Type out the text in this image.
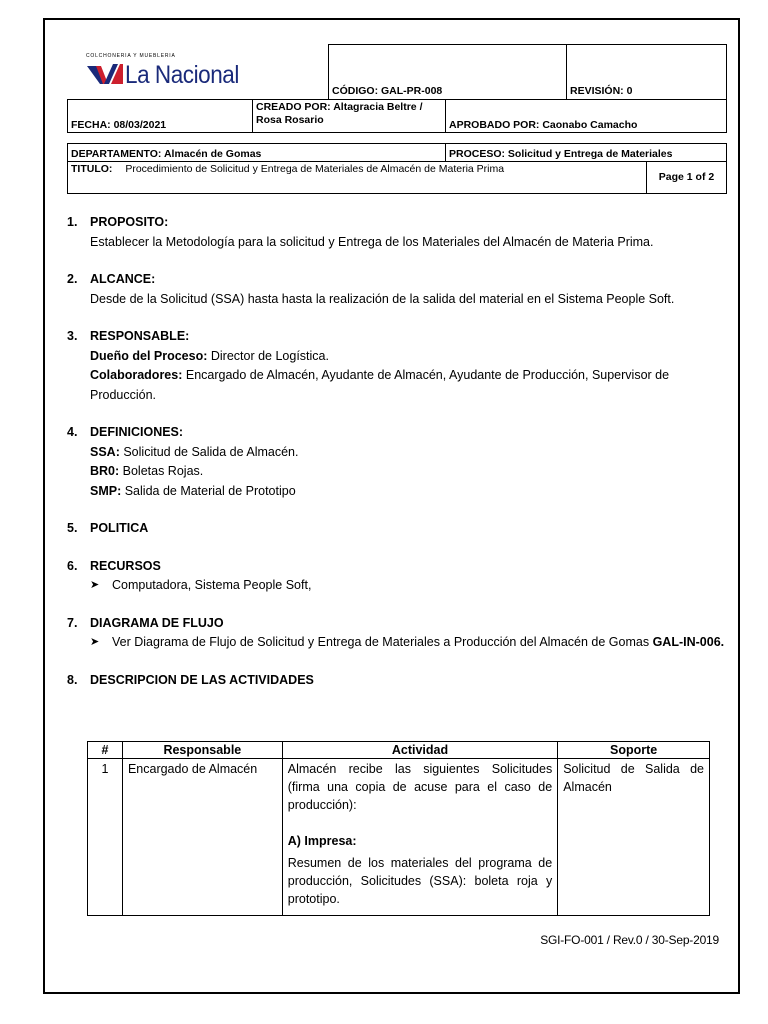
COLCHONERIA Y MUEBLERIA
La Nacional
CÓDIGO: GAL-PR-008	REVISIÓN: 0
FECHA: 08/03/2021
CREADO POR: Altagracia Beltre / Rosa Rosario	APROBADO POR: Caonabo Camacho
DEPARTAMENTO: Almacén de Gomas	PROCESO: Solicitud y Entrega de Materiales
TITULO: Procedimiento de Solicitud y Entrega de Materiales de Almacén de Materia Prima
Page 1 of 2
1. PROPOSITO:
Establecer la Metodología para la solicitud y Entrega de los Materiales del Almacén de Materia Prima.
2. ALCANCE:
Desde de la Solicitud (SSA) hasta hasta la realización de la salida del material en el Sistema People Soft.
3. RESPONSABLE:
Dueño del Proceso: Director de Logística.
Colaboradores: Encargado de Almacén, Ayudante de Almacén, Ayudante de Producción, Supervisor de Producción.
4. DEFINICIONES:
SSA: Solicitud de Salida de Almacén.
BR0: Boletas Rojas.
SMP: Salida de Material de Prototipo
5. POLITICA
6. RECURSOS
➤ Computadora, Sistema People Soft,
7. DIAGRAMA DE FLUJO
➤ Ver Diagrama de Flujo de Solicitud y Entrega de Materiales a Producción del Almacén de Gomas GAL-IN-006.
8. DESCRIPCION DE LAS ACTIVIDADES
#	Responsable	Actividad	Soporte
1	Encargado de Almacén	Almacén recibe las siguientes Solicitudes (firma una copia de acuse para el caso de producción):
A) Impresa:
Resumen de los materiales del programa de producción, Solicitudes (SSA): boleta roja y prototipo.	Solicitud de Salida de Almacén
SGI-FO-001 / Rev.0 / 30-Sep-2019
